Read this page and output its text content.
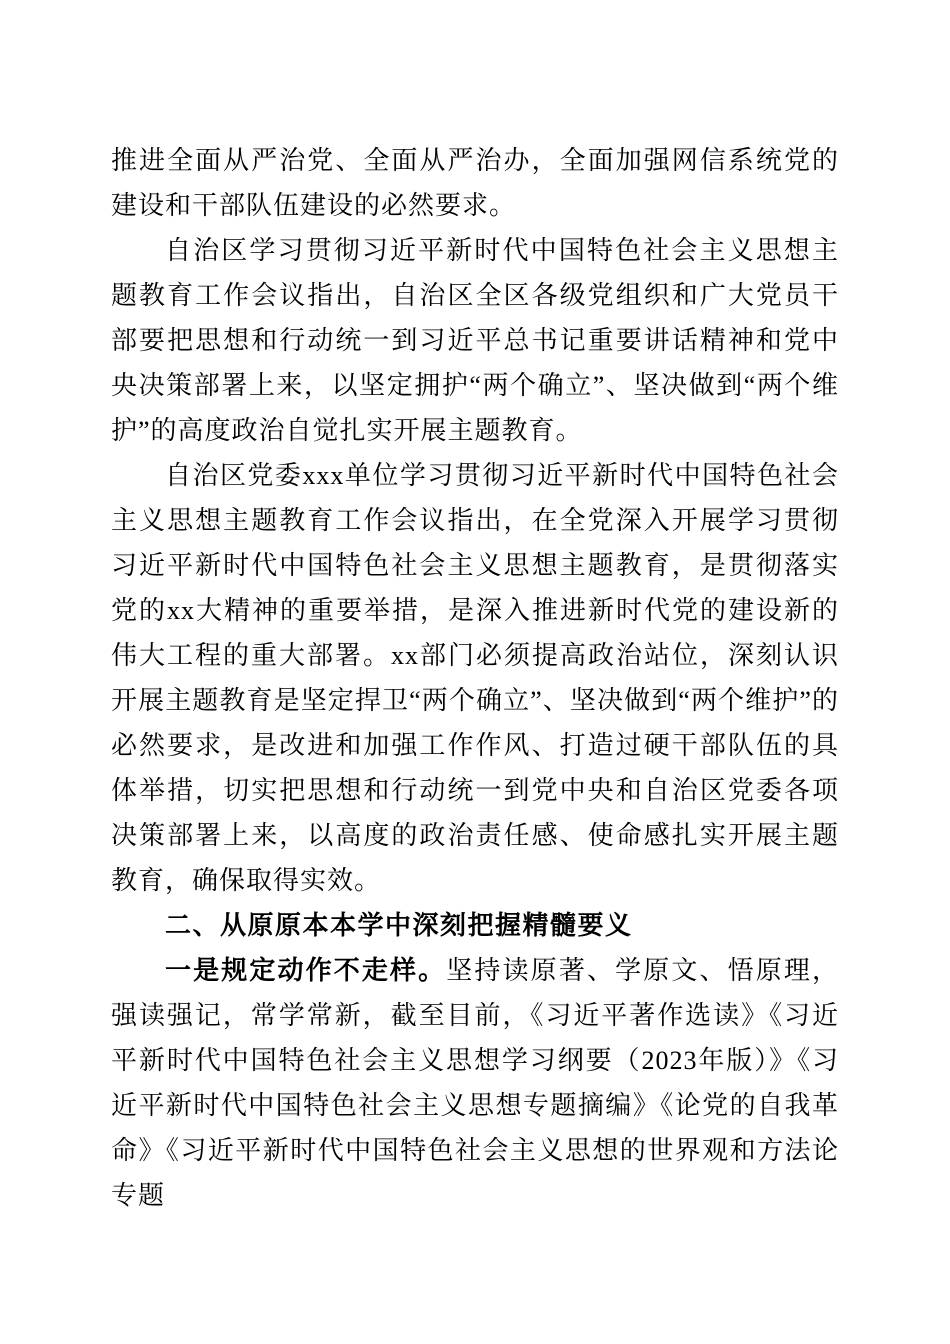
推进全面从严治党、全面从严治办，全面加强网信系统党的建设和干部队伍建设的必然要求。

自治区学习贯彻习近平新时代中国特色社会主义思想主题教育工作会议指出，自治区全区各级党组织和广大党员干部要把思想和行动统一到习近平总书记重要讲话精神和党中央决策部署上来，以坚定拥护“两个确立”、坚决做到“两个维护”的高度政治自觉扎实开展主题教育。

自治区党委xxx单位学习贯彻习近平新时代中国特色社会主义思想主题教育工作会议指出，在全党深入开展学习贯彻习近平新时代中国特色社会主义思想主题教育，是贯彻落实党的xx大精神的重要举措，是深入推进新时代党的建设新的伟大工程的重大部署。xx部门必须提高政治站位，深刻认识开展主题教育是坚定捍卫“两个确立”、坚决做到“两个维护”的必然要求，是改进和加强工作作风、打造过硬干部队伍的具体举措，切实把思想和行动统一到党中央和自治区党委各项决策部署上来，以高度的政治责任感、使命感扎实开展主题教育，确保取得实效。

二、从原原本本学中深刻把握精髓要义

一是规定动作不走样。坚持读原著、学原文、悟原理，强读强记，常学常新，截至目前，《习近平著作选读》《习近平新时代中国特色社会主义思想学习纲要（2023年版）》《习近平新时代中国特色社会主义思想专题摘编》《论党的自我革命》《习近平新时代中国特色社会主义思想的世界观和方法论专题
